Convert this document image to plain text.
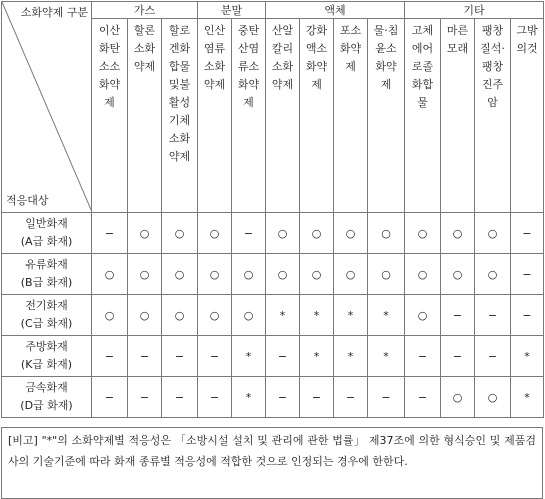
소화약제 구분
적응대상	가스			분말		액체				기타			

	이산화탄소소화약제	할론소화약제	할로겐화합물및불활성기체소화약제	인산염류소화약제	중탄산염류소화약제	산알칼리소화약제	강화액소화약제	포소화약제	물·침윤소화약제	고체에어로졸화합물	마른모래	팽창질석·팽창진주암	그밖의것

일반화재
(A급 화재)	−	○	○	○	−	○	○	○	○	○	○	○	−

유류화재
(B급 화재)	○	○	○	○	○	○	○	○	○	○	○	○	−

전기화재
(C급 화재)	○	○	○	○	○	*	*	*	*	○	−	−	−

주방화재
(K급 화재)	−	−	−	−	*	−	*	*	*	−	−	−	*

금속화재
(D급 화재)	−	−	−	−	*	−	−	−	−	−	○	○	*
[비고] "*"의 소화약제별 적응성은 「소방시설 설치 및 관리에 관한 법률」 제37조에 의한 형식승인 및 제품검사의 기술기준에 따라 화재 종류별 적응성에 적합한 것으로 인정되는 경우에 한한다.
